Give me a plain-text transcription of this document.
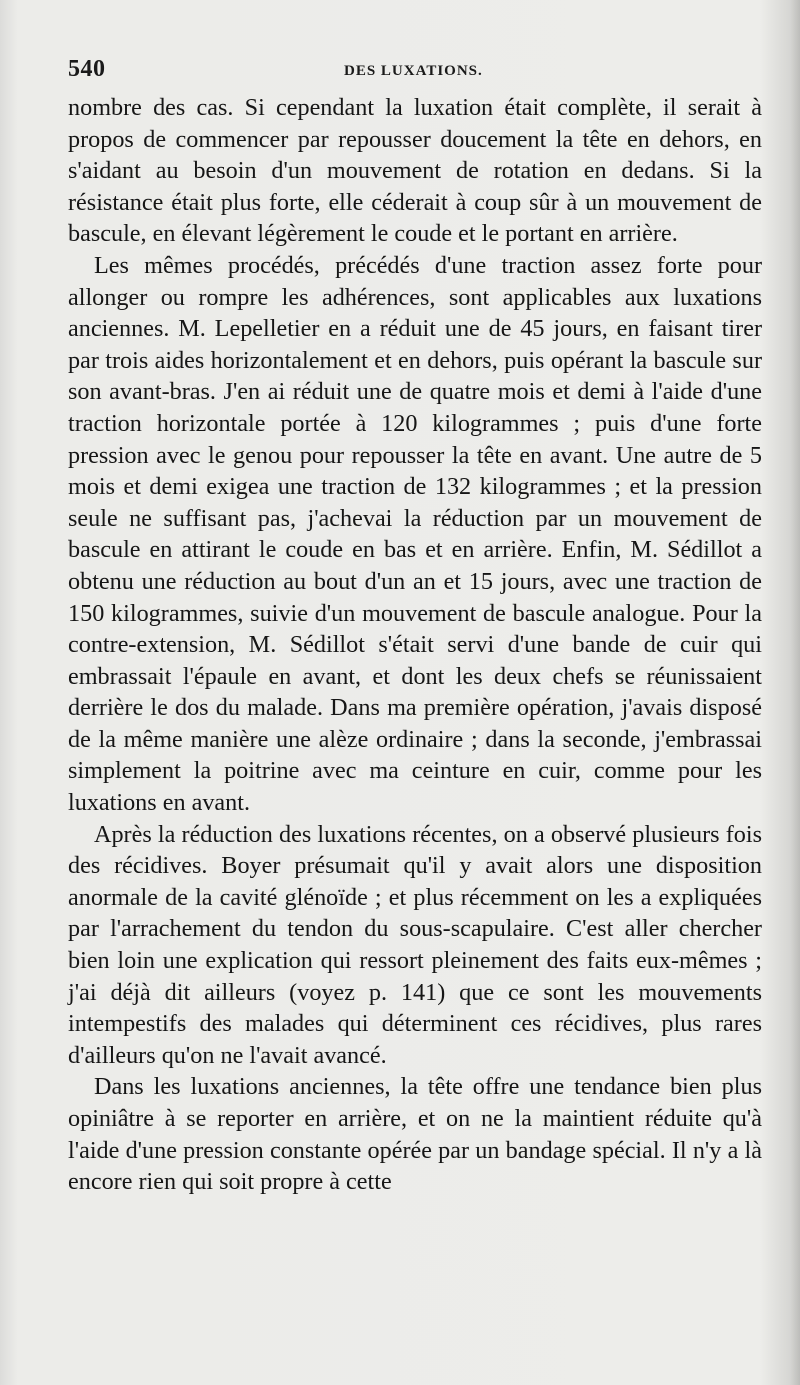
540	DES LUXATIONS.

nombre des cas. Si cependant la luxation était complète, il serait à propos de commencer par repousser doucement la tête en dehors, en s'aidant au besoin d'un mouvement de rotation en dedans. Si la résistance était plus forte, elle céderait à coup sûr à un mouvement de bascule, en élevant légèrement le coude et le portant en arrière.

Les mêmes procédés, précédés d'une traction assez forte pour allonger ou rompre les adhérences, sont applicables aux luxations anciennes. M. Lepelletier en a réduit une de 45 jours, en faisant tirer par trois aides horizontalement et en dehors, puis opérant la bascule sur son avant-bras. J'en ai réduit une de quatre mois et demi à l'aide d'une traction horizontale portée à 120 kilogrammes ; puis d'une forte pression avec le genou pour repousser la tête en avant. Une autre de 5 mois et demi exigea une traction de 132 kilogrammes ; et la pression seule ne suffisant pas, j'achevai la réduction par un mouvement de bascule en attirant le coude en bas et en arrière. Enfin, M. Sédillot a obtenu une réduction au bout d'un an et 15 jours, avec une traction de 150 kilogrammes, suivie d'un mouvement de bascule analogue. Pour la contre-extension, M. Sédillot s'était servi d'une bande de cuir qui embrassait l'épaule en avant, et dont les deux chefs se réunissaient derrière le dos du malade. Dans ma première opération, j'avais disposé de la même manière une alèze ordinaire ; dans la seconde, j'embrassai simplement la poitrine avec ma ceinture en cuir, comme pour les luxations en avant.

Après la réduction des luxations récentes, on a observé plusieurs fois des récidives. Boyer présumait qu'il y avait alors une disposition anormale de la cavité glénoïde ; et plus récemment on les a expliquées par l'arrachement du tendon du sous-scapulaire. C'est aller chercher bien loin une explication qui ressort pleinement des faits eux-mêmes ; j'ai déjà dit ailleurs (voyez p. 141) que ce sont les mouvements intempestifs des malades qui déterminent ces récidives, plus rares d'ailleurs qu'on ne l'avait avancé.

Dans les luxations anciennes, la tête offre une tendance bien plus opiniâtre à se reporter en arrière, et on ne la maintient réduite qu'à l'aide d'une pression constante opérée par un bandage spécial. Il n'y a là encore rien qui soit propre à cette
